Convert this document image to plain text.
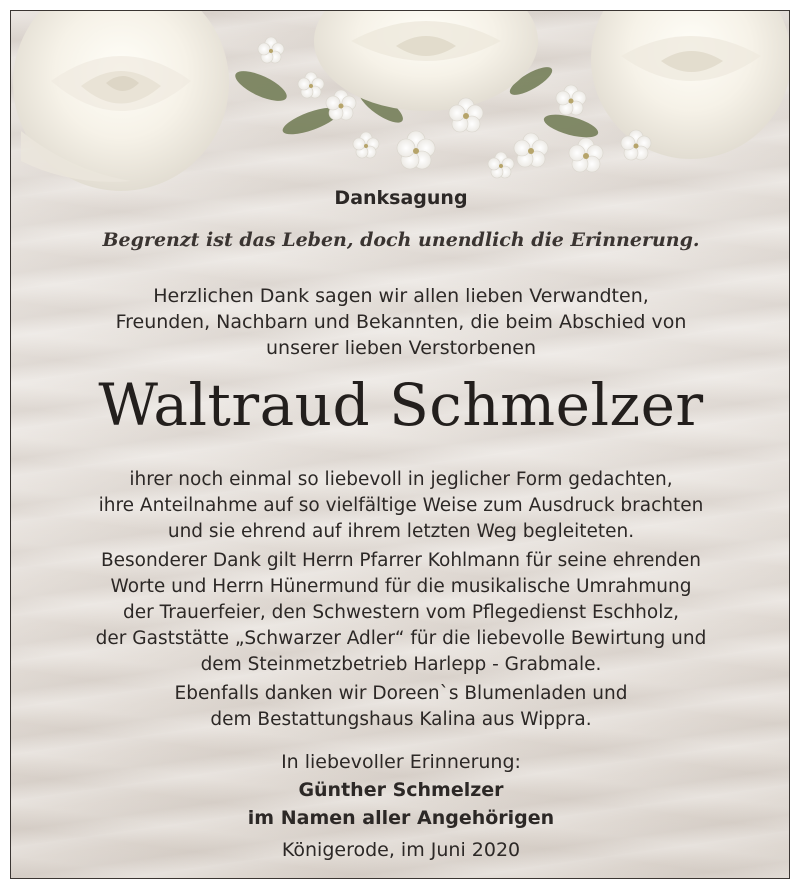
Danksagung
Begrenzt ist das Leben, doch unendlich die Erinnerung.
Herzlichen Dank sagen wir allen lieben Verwandten,
Freunden, Nachbarn und Bekannten, die beim Abschied von
unserer lieben Verstorbenen
Waltraud Schmelzer

ihrer noch einmal so liebevoll in jeglicher Form gedachten,
ihre Anteilnahme auf so vielfältige Weise zum Ausdruck brachten
und sie ehrend auf ihrem letzten Weg begleiteten.

Besonderer Dank gilt Herrn Pfarrer Kohlmann für seine ehrenden
Worte und Herrn Hünermund für die musikalische Umrahmung
der Trauerfeier, den Schwestern vom Pflegedienst Eschholz,
der Gaststätte „Schwarzer Adler“ für die liebevolle Bewirtung und
dem Steinmetzbetrieb Harlepp - Grabmale.

Ebenfalls danken wir Doreen`s Blumenladen und
dem Bestattungshaus Kalina aus Wippra.

In liebevoller Erinnerung:
Günther Schmelzer
im Namen aller Angehörigen
Königerode, im Juni 2020
